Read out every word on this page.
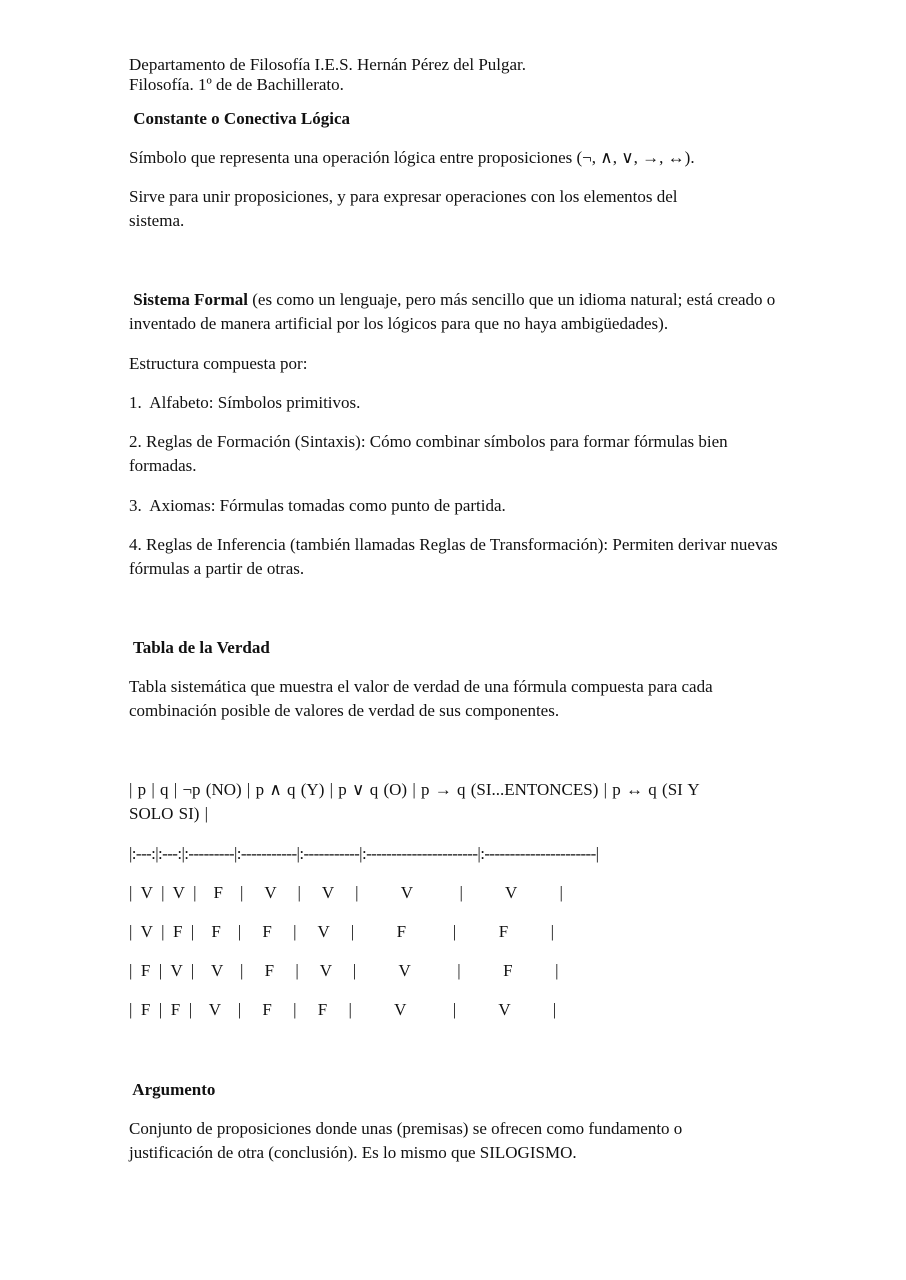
Departamento de Filosofía I.E.S. Hernán Pérez del Pulgar.
Filosofía. 1º de de Bachillerato.
Constante o Conectiva Lógica

Símbolo que representa una operación lógica entre proposiciones (¬, ∧, ∨, →, ↔).

Sirve para unir proposiciones, y para expresar operaciones con los elementos del sistema.

Sistema Formal (es como un lenguaje, pero más sencillo que un idioma natural; está creado o inventado de manera artificial por los lógicos para que no haya ambigüedades).

Estructura compuesta por:

1.  Alfabeto: Símbolos primitivos.

2. Reglas de Formación (Sintaxis): Cómo combinar símbolos para formar fórmulas bien formadas.

3.  Axiomas: Fórmulas tomadas como punto de partida.

4. Reglas de Inferencia (también llamadas Reglas de Transformación): Permiten derivar nuevas fórmulas a partir de otras.

Tabla de la Verdad

Tabla sistemática que muestra el valor de verdad de una fórmula compuesta para cada combinación posible de valores de verdad de sus componentes.

| p | q | ¬p (NO) | p ∧ q (Y) | p ∨ q (O) | p → q (SI...ENTONCES) | p ↔ q (SI Y SOLO SI) |

|:---:|:---:|:---------|:-----------|:-----------|:----------------------|:----------------------|

|  V  |  V  |    F    |     V     |     V     |          V           |          V          |

|  V  |  F  |    F    |     F     |     V     |          F           |          F          |

|  F  |  V  |    V    |     F     |     V     |          V           |          F          |

|  F  |  F  |    V    |     F     |     F     |          V           |          V          |

Argumento

Conjunto de proposiciones donde unas (premisas) se ofrecen como fundamento o justificación de otra (conclusión). Es lo mismo que SILOGISMO.
